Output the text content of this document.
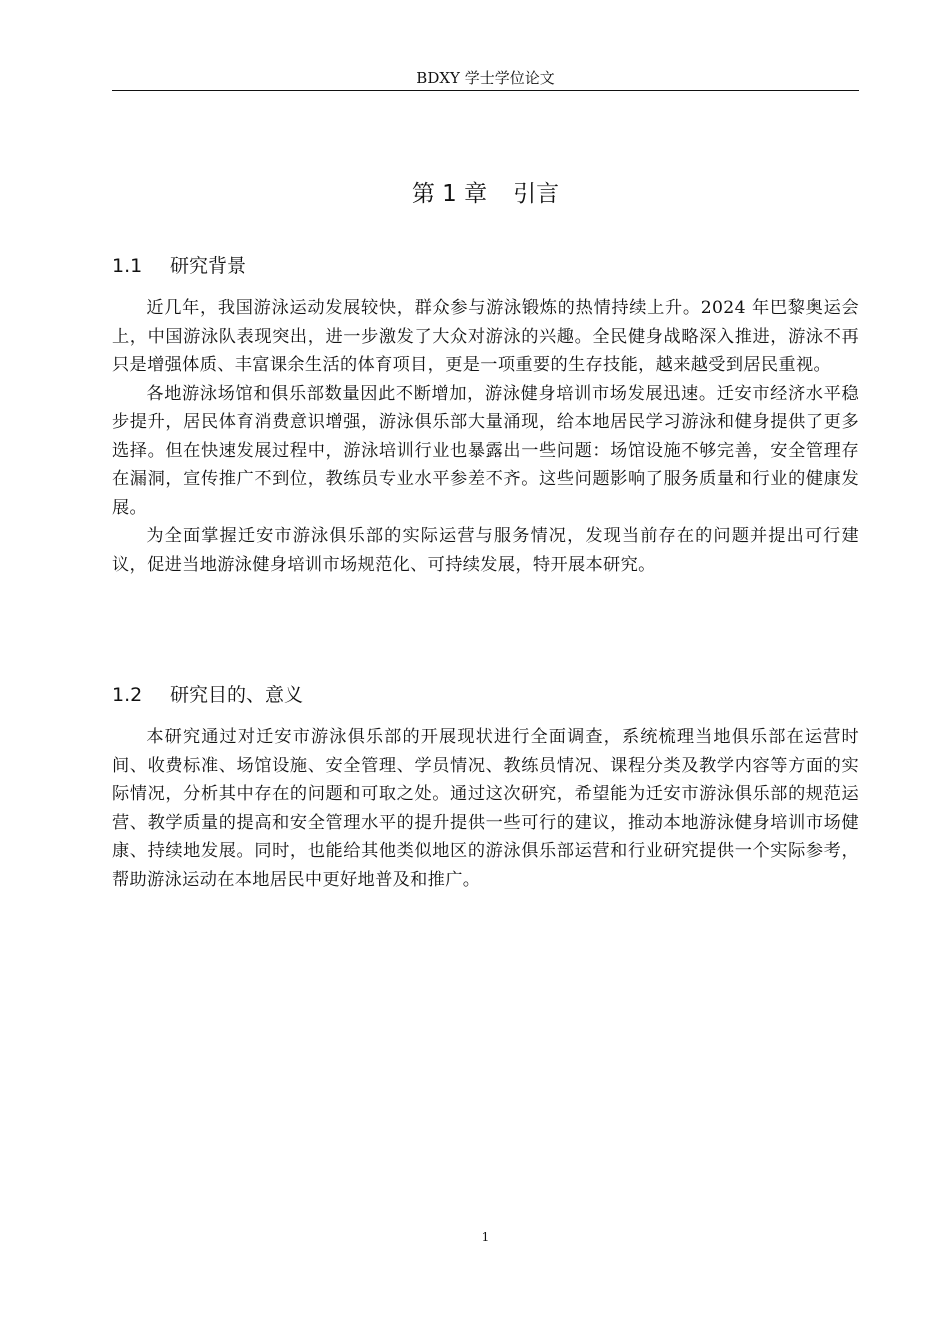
BDXY 学士学位论文
第 1 章 引言
1.1 研究背景

近几年，我国游泳运动发展较快，群众参与游泳锻炼的热情持续上升。2024 年巴黎奥运会上，中国游泳队表现突出，进一步激发了大众对游泳的兴趣。全民健身战略深入推进，游泳不再只是增强体质、丰富课余生活的体育项目，更是一项重要的生存技能，越来越受到居民重视。

各地游泳场馆和俱乐部数量因此不断增加，游泳健身培训市场发展迅速。迁安市经济水平稳步提升，居民体育消费意识增强，游泳俱乐部大量涌现，给本地居民学习游泳和健身提供了更多选择。但在快速发展过程中，游泳培训行业也暴露出一些问题：场馆设施不够完善，安全管理存在漏洞，宣传推广不到位，教练员专业水平参差不齐。这些问题影响了服务质量和行业的健康发展。

为全面掌握迁安市游泳俱乐部的实际运营与服务情况，发现当前存在的问题并提出可行建议，促进当地游泳健身培训市场规范化、可持续发展，特开展本研究。

1.2 研究目的、意义

本研究通过对迁安市游泳俱乐部的开展现状进行全面调查，系统梳理当地俱乐部在运营时间、收费标准、场馆设施、安全管理、学员情况、教练员情况、课程分类及教学内容等方面的实际情况，分析其中存在的问题和可取之处。通过这次研究，希望能为迁安市游泳俱乐部的规范运营、教学质量的提高和安全管理水平的提升提供一些可行的建议，推动本地游泳健身培训市场健康、持续地发展。同时，也能给其他类似地区的游泳俱乐部运营和行业研究提供一个实际参考，帮助游泳运动在本地居民中更好地普及和推广。

1
